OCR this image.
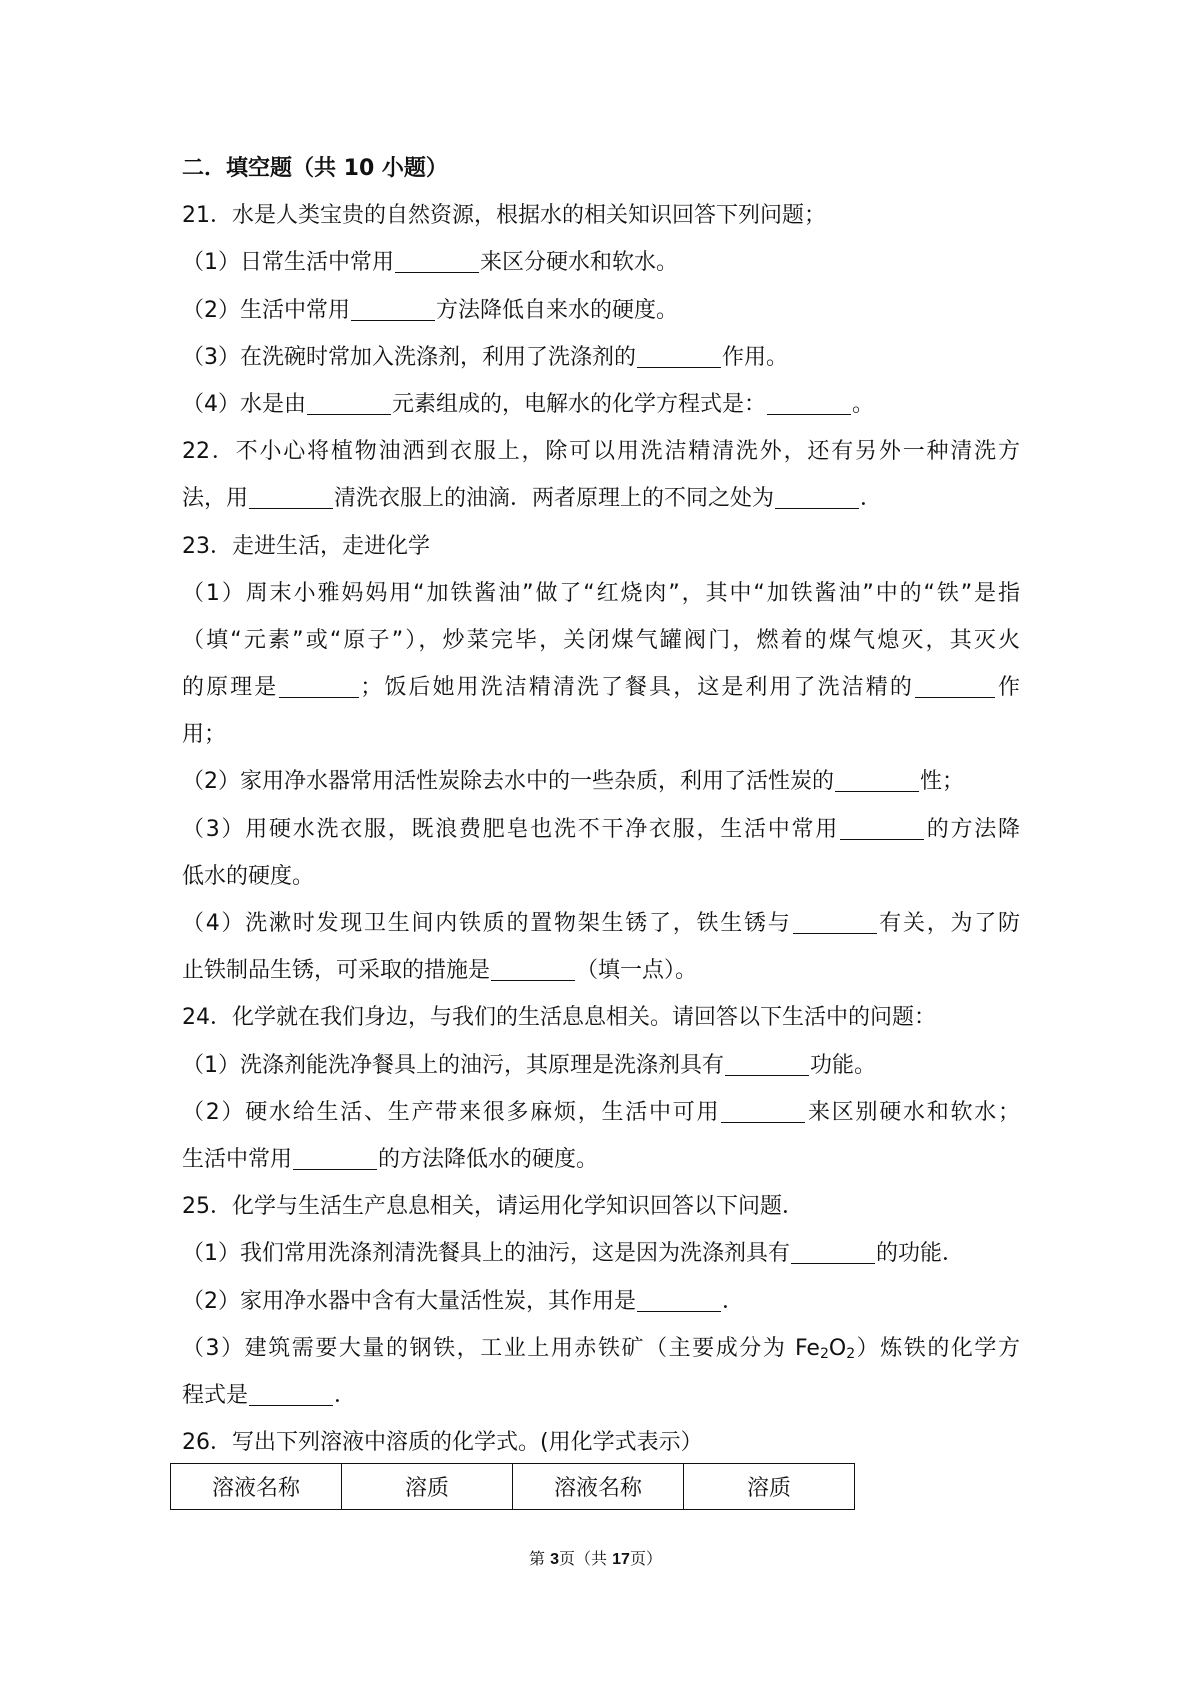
二．填空题（共 10 小题）
21．水是人类宝贵的自然资源，根据水的相关知识回答下列问题；
（1）日常生活中常用	来区分硬水和软水。
（2）生活中常用	方法降低自来水的硬度。
（3）在洗碗时常加入洗涤剂，利用了洗涤剂的	作用。
（4）水是由	元素组成的，电解水的化学方程式是：	。
22．不小心将植物油洒到衣服上，除可以用洗洁精清洗外，还有另外一种清洗方
法，用	清洗衣服上的油滴．两者原理上的不同之处为	．
23．走进生活，走进化学
（1）周末小雅妈妈用“加铁酱油”做了“红烧肉”，其中“加铁酱油”中的“铁”是指
（填“元素”或“原子”），炒菜完毕，关闭煤气罐阀门，燃着的煤气熄灭，其灭火
的原理是	；饭后她用洗洁精清洗了餐具，这是利用了洗洁精的	作
用；
（2）家用净水器常用活性炭除去水中的一些杂质，利用了活性炭的	性；
（3）用硬水洗衣服，既浪费肥皂也洗不干净衣服，生活中常用	的方法降
低水的硬度。
（4）洗漱时发现卫生间内铁质的置物架生锈了，铁生锈与	有关，为了防
止铁制品生锈，可采取的措施是	（填一点）。
24．化学就在我们身边，与我们的生活息息相关。请回答以下生活中的问题：
（1）洗涤剂能洗净餐具上的油污，其原理是洗涤剂具有	功能。
（2）硬水给生活、生产带来很多麻烦，生活中可用	来区别硬水和软水；
生活中常用	的方法降低水的硬度。
25．化学与生活生产息息相关，请运用化学知识回答以下问题．
（1）我们常用洗涤剂清洗餐具上的油污，这是因为洗涤剂具有	的功能．
（2）家用净水器中含有大量活性炭，其作用是	．
（3）建筑需要大量的钢铁，工业上用赤铁矿（主要成分为 $Fe_2O_2$）炼铁的化学方
程式是	．
26．写出下列溶液中溶质的化学式。(用化学式表示）
溶液名称	溶质	溶液名称	溶质
第 3页（共 17页）
